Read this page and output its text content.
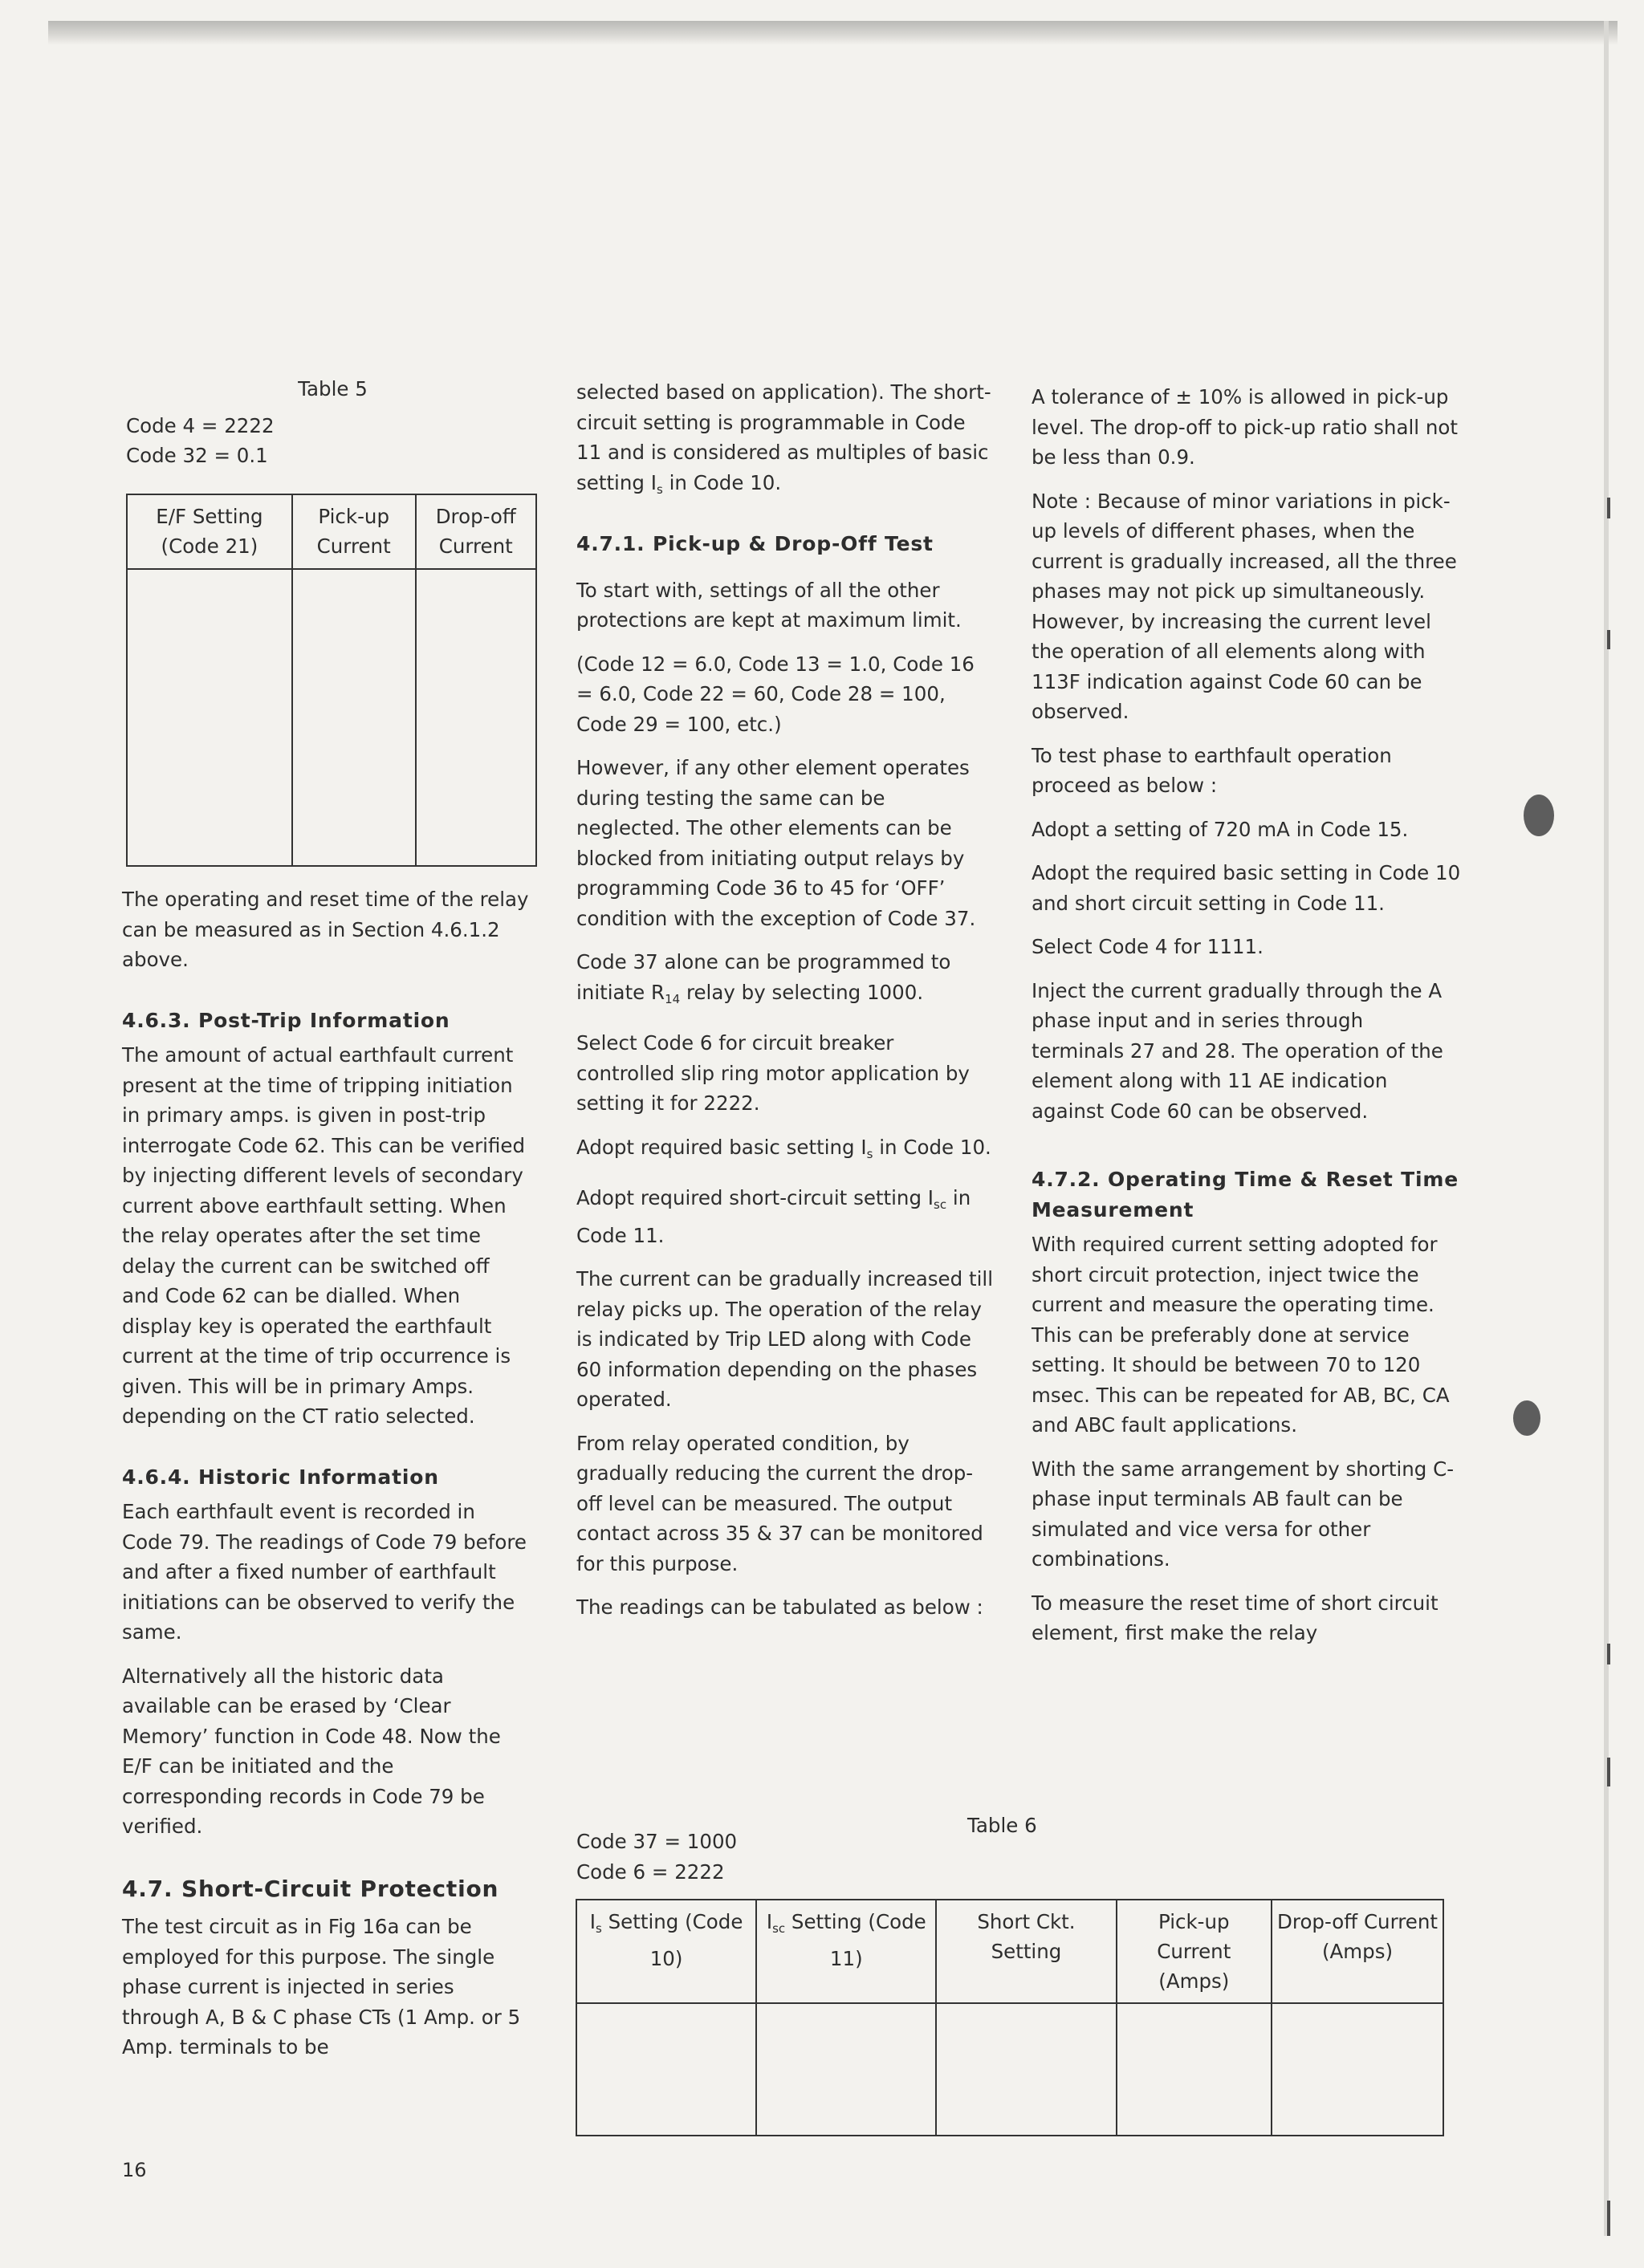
Table 5
Code 4 = 2222
Code 32 = 0.1
E/F Setting (Code 21)	Pick-up Current	Drop-off Current

The operating and reset time of the relay can be measured as in Section 4.6.1.2 above.

4.6.3. Post-Trip Information

The amount of actual earthfault current present at the time of tripping initiation in primary amps. is given in post-trip interrogate Code 62. This can be verified by injecting different levels of secondary current above earthfault setting. When the relay operates after the set time delay the current can be switched off and Code 62 can be dialled. When display key is operated the earthfault current at the time of trip occurrence is given. This will be in primary Amps. depending on the CT ratio selected.

4.6.4. Historic Information

Each earthfault event is recorded in Code 79. The readings of Code 79 before and after a fixed number of earthfault initiations can be observed to verify the same.

Alternatively all the historic data available can be erased by ‘Clear Memory’ function in Code 48. Now the E/F can be initiated and the corresponding records in Code 79 be verified.

4.7. Short-Circuit Protection

The test circuit as in Fig 16a can be employed for this purpose. The single phase current is injected in series through A, B & C phase CTs (1 Amp. or 5 Amp. terminals to be

selected based on application). The short-circuit setting is programmable in Code 11 and is considered as multiples of basic setting $I_s$ in Code 10.

4.7.1. Pick-up & Drop-Off Test

To start with, settings of all the other protections are kept at maximum limit.

(Code 12 = 6.0, Code 13 = 1.0, Code 16 = 6.0, Code 22 = 60, Code 28 = 100, Code 29 = 100, etc.)

However, if any other element operates during testing the same can be neglected. The other elements can be blocked from initiating output relays by programming Code 36 to 45 for ‘OFF’ condition with the exception of Code 37.

Code 37 alone can be programmed to initiate $R_{14}$ relay by selecting 1000.

Select Code 6 for circuit breaker controlled slip ring motor application by setting it for 2222.

Adopt required basic setting $I_s$ in Code 10.

Adopt required short-circuit setting $I_{sc}$ in Code 11.

The current can be gradually increased till relay picks up. The operation of the relay is indicated by Trip LED along with Code 60 information depending on the phases operated.

From relay operated condition, by gradually reducing the current the drop-off level can be measured. The output contact across 35 & 37 can be monitored for this purpose.

The readings can be tabulated as below :

A tolerance of ± 10% is allowed in pick-up level. The drop-off to pick-up ratio shall not be less than 0.9.

Note : Because of minor variations in pick-up levels of different phases, when the current is gradually increased, all the three phases may not pick up simultaneously. However, by increasing the current level the operation of all elements along with 113F indication against Code 60 can be observed.

To test phase to earthfault operation proceed as below :

Adopt a setting of 720 mA in Code 15.

Adopt the required basic setting in Code 10 and short circuit setting in Code 11.

Select Code 4 for 1111.

Inject the current gradually through the A phase input and in series through terminals 27 and 28. The operation of the element along with 11 AE indication against Code 60 can be observed.

4.7.2. Operating Time & Reset Time Measurement

With required current setting adopted for short circuit protection, inject twice the current and measure the operating time. This can be preferably done at service setting. It should be between 70 to 120 msec. This can be repeated for AB, BC, CA and ABC fault applications.

With the same arrangement by shorting C-phase input terminals AB fault can be simulated and vice versa for other combinations.

To measure the reset time of short circuit element, first make the relay

Table 6
Code 37 = 1000
Code 6 = 2222
$I_s$ Setting (Code 10)	$I_{sc}$ Setting (Code 11)	Short Ckt. Setting	Pick-up Current (Amps)	Drop-off Current (Amps)

16
